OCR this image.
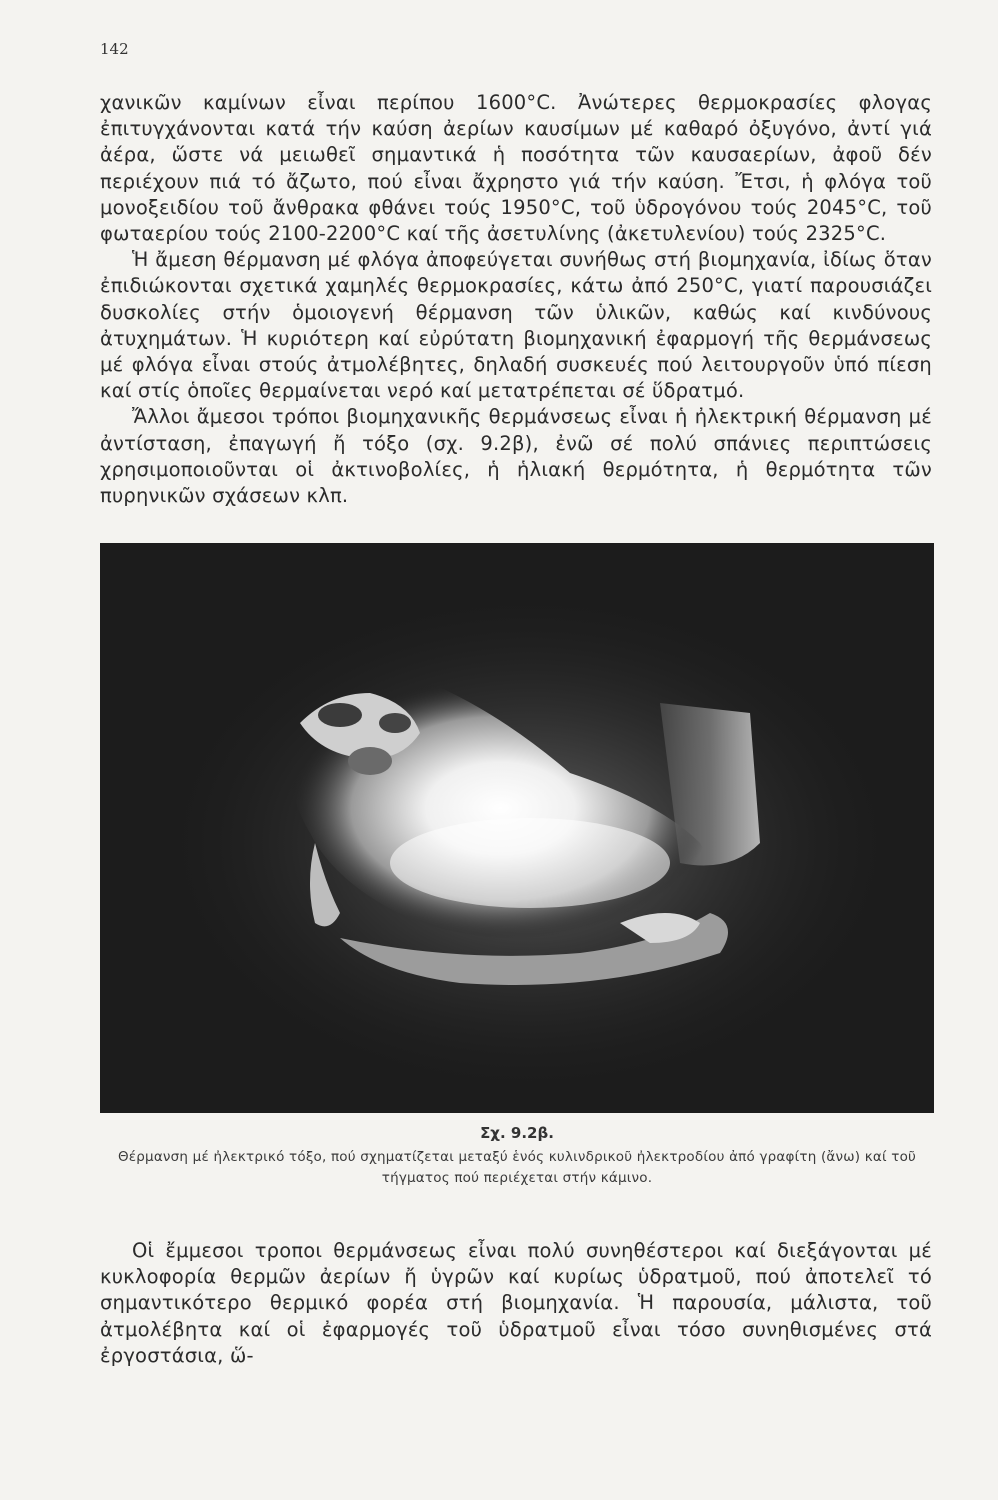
142

χανικῶν καμίνων εἶναι περίπου 1600°C. Ἀνώτερες θερμοκρασίες φλογας ἐπιτυγχάνονται κατά τήν καύση ἀερίων καυσίμων μέ καθαρό ὀξυγόνο, ἀντί γιά ἀέρα, ὥστε νά μειωθεῖ σημαντικά ἡ ποσότητα τῶν καυσαερίων, ἀφοῦ δέν περιέχουν πιά τό ἄζωτο, πού εἶναι ἄχρηστο γιά τήν καύση. Ἔτσι, ἡ φλόγα τοῦ μονοξειδίου τοῦ ἄνθρακα φθάνει τούς 1950°C, τοῦ ὑδρογόνου τούς 2045°C, τοῦ φωταερίου τούς 2100-2200°C καί τῆς ἀσετυλίνης (ἀκετυλενίου) τούς 2325°C.

Ἡ ἄμεση θέρμανση μέ φλόγα ἀποφεύγεται συνήθως στή βιομηχανία, ἰδίως ὅταν ἐπιδιώκονται σχετικά χαμηλές θερμοκρασίες, κάτω ἀπό 250°C, γιατί παρουσιάζει δυσκολίες στήν ὁμοιογενή θέρμανση τῶν ὑλικῶν, καθώς καί κινδύνους ἀτυχημάτων. Ἡ κυριότερη καί εὐρύτατη βιομηχανική ἐφαρμογή τῆς θερμάνσεως μέ φλόγα εἶναι στούς ἀτμολέβητες, δηλαδή συσκευές πού λειτουργοῦν ὑπό πίεση καί στίς ὁποῖες θερμαίνεται νερό καί μετατρέπεται σέ ὕδρατμό.

Ἄλλοι ἄμεσοι τρόποι βιομηχανικῆς θερμάνσεως εἶναι ἡ ἠλεκτρική θέρμανση μέ ἀντίσταση, ἐπαγωγή ἤ τόξο (σχ. 9.2β), ἐνῶ σέ πολύ σπάνιες περιπτώσεις χρησιμοποιοῦνται οἱ ἀκτινοβολίες, ἡ ἡλιακή θερμότητα, ἡ θερμότητα τῶν πυρηνικῶν σχάσεων κλπ.

Σχ. 9.2β.
Θέρμανση μέ ἠλεκτρικό τόξο, πού σχηματίζεται μεταξύ ἑνός κυλινδρικοῦ ἠλεκτροδίου ἀπό γραφίτη (ἄνω) καί τοῦ τήγματος πού περιέχεται στήν κάμινο.

Οἱ ἔμμεσοι τροποι θερμάνσεως εἶναι πολύ συνηθέστεροι καί διεξάγονται μέ κυκλοφορία θερμῶν ἀερίων ἤ ὑγρῶν καί κυρίως ὑδρατμοῦ, πού ἀποτελεῖ τό σημαντικότερο θερμικό φορέα στή βιομηχανία. Ἡ παρουσία, μάλιστα, τοῦ ἀτμολέβητα καί οἱ ἐφαρμογές τοῦ ὑδρατμοῦ εἶναι τόσο συνηθισμένες στά ἐργοστάσια, ὥ-
